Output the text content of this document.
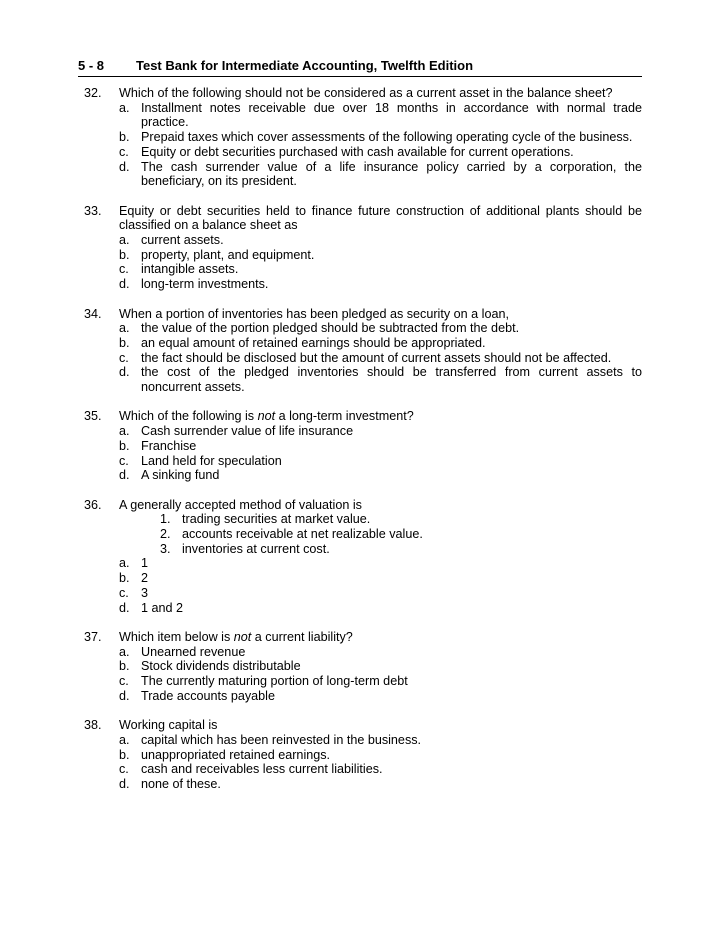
5 - 8 Test Bank for Intermediate Accounting, Twelfth Edition
32.	Which of the following should not be considered as a current asset in the balance sheet?
a. Installment notes receivable due over 18 months in accordance with normal trade practice.
b. Prepaid taxes which cover assessments of the following operating cycle of the business.
c. Equity or debt securities purchased with cash available for current operations.
d. The cash surrender value of a life insurance policy carried by a corporation, the beneficiary, on its president.
33.	Equity or debt securities held to finance future construction of additional plants should be classified on a balance sheet as
a. current assets.
b. property, plant, and equipment.
c. intangible assets.
d. long-term investments.
34.	When a portion of inventories has been pledged as security on a loan,
a. the value of the portion pledged should be subtracted from the debt.
b. an equal amount of retained earnings should be appropriated.
c. the fact should be disclosed but the amount of current assets should not be affected.
d. the cost of the pledged inventories should be transferred from current assets to noncurrent assets.
35.	Which of the following is not a long-term investment?
a. Cash surrender value of life insurance
b. Franchise
c. Land held for speculation
d. A sinking fund
36.	A generally accepted method of valuation is
1. trading securities at market value.
2. accounts receivable at net realizable value.
3. inventories at current cost.
a. 1
b. 2
c. 3
d. 1 and 2
37.	Which item below is not a current liability?
a. Unearned revenue
b. Stock dividends distributable
c. The currently maturing portion of long-term debt
d. Trade accounts payable
38.	Working capital is
a. capital which has been reinvested in the business.
b. unappropriated retained earnings.
c. cash and receivables less current liabilities.
d. none of these.
